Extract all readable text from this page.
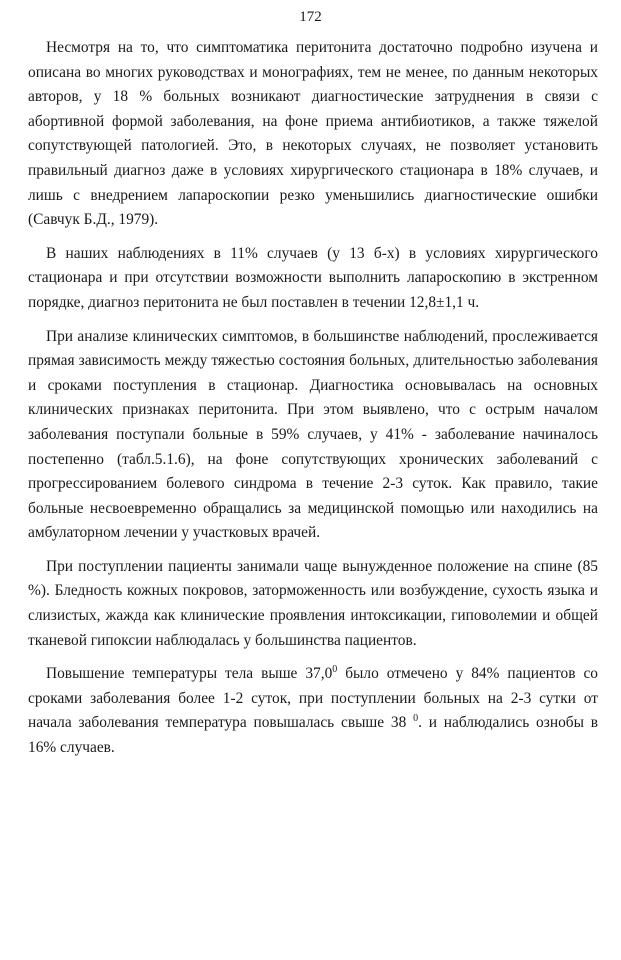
172

Несмотря на то, что симптоматика перитонита достаточно подробно изучена и описана во многих руководствах и монографиях, тем не менее, по данным некоторых авторов, у 18 % больных возникают диагностические затруднения в связи с абортивной формой заболевания, на фоне приема антибиотиков, а также тяжелой сопутствующей патологией. Это, в некоторых случаях, не позволяет установить правильный диагноз даже в условиях хирургического стационара в 18% случаев, и лишь с внедрением лапароскопии резко уменьшились диагностические ошибки (Савчук Б.Д., 1979).

В наших наблюдениях в 11% случаев (у 13 б-х) в условиях хирургического стационара и при отсутствии возможности выполнить лапароскопию в экстренном порядке, диагноз перитонита не был поставлен в течении 12,8±1,1 ч.

При анализе клинических симптомов, в большинстве наблюдений, прослеживается прямая зависимость между тяжестью состояния больных, длительностью заболевания и сроками поступления в стационар. Диагностика основывалась на основных клинических признаках перитонита. При этом выявлено, что с острым началом заболевания поступали больные в 59% случаев, у 41% - заболевание начиналось постепенно (табл.5.1.6), на фоне сопутствующих хронических заболеваний с прогрессированием болевого синдрома в течение 2-3 суток. Как правило, такие больные несвоевременно обращались за медицинской помощью или находились на амбулаторном лечении у участковых врачей.

При поступлении пациенты занимали чаще вынужденное положение на спине (85 %). Бледность кожных покровов, заторможенность или возбуждение, сухость языка и слизистых, жажда как клинические проявления интоксикации, гиповолемии и общей тканевой гипоксии наблюдалась у большинства пациентов.

Повышение температуры тела выше 37,0$^0$ было отмечено у 84% пациентов со сроками заболевания более 1-2 суток, при поступлении больных на 2-3 сутки от начала заболевания температура повышалась свыше 38 $^0$. и наблюдались ознобы в 16% случаев.
